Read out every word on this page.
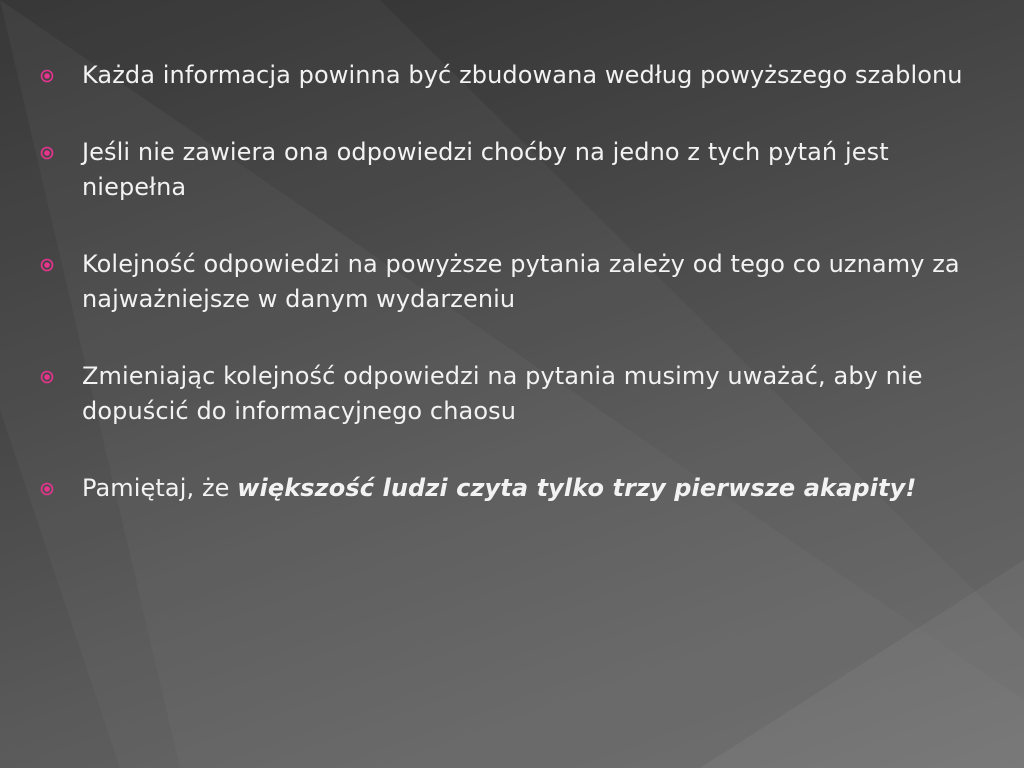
Każda informacja powinna być zbudowana według powyższego szablonu
Jeśli nie zawiera ona odpowiedzi choćby na jedno z tych pytań jest niepełna
Kolejność odpowiedzi na powyższe pytania zależy od tego co uznamy za najważniejsze w danym wydarzeniu
Zmieniając kolejność odpowiedzi na pytania musimy uważać, aby nie dopuścić do informacyjnego chaosu
Pamiętaj, że większość ludzi czyta tylko trzy pierwsze akapity!
